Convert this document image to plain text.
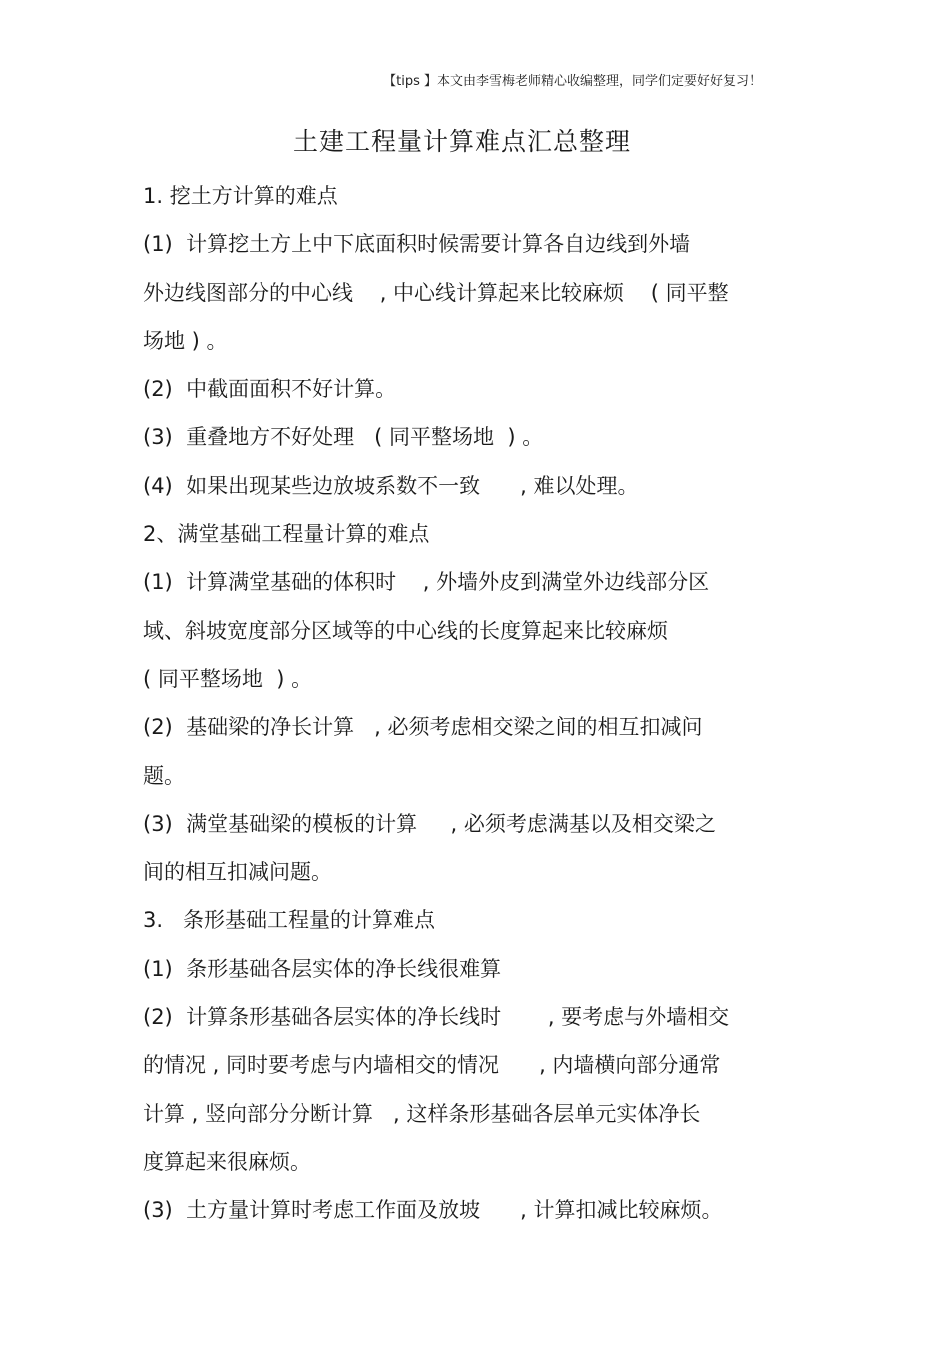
【tips 】本文由李雪梅老师精心收编整理，同学们定要好好复习！
土建工程量计算难点汇总整理
1. 挖土方计算的难点
(1)  计算挖土方上中下底面积时候需要计算各自边线到外墙
外边线图部分的中心线    , 中心线计算起来比较麻烦    ( 同平整
场地 ) 。
(2)  中截面面积不好计算。
(3)  重叠地方不好处理   ( 同平整场地  ) 。
(4)  如果出现某些边放坡系数不一致      , 难以处理。
2、满堂基础工程量计算的难点
(1)  计算满堂基础的体积时    , 外墙外皮到满堂外边线部分区
域、斜坡宽度部分区域等的中心线的长度算起来比较麻烦
( 同平整场地  ) 。
(2)  基础梁的净长计算   , 必须考虑相交梁之间的相互扣减问
题。
(3)  满堂基础梁的模板的计算     , 必须考虑满基以及相交梁之
间的相互扣减问题。
3.   条形基础工程量的计算难点
(1)  条形基础各层实体的净长线很难算
(2)  计算条形基础各层实体的净长线时       , 要考虑与外墙相交
的情况 , 同时要考虑与内墙相交的情况      , 内墙横向部分通常
计算 , 竖向部分分断计算   , 这样条形基础各层单元实体净长
度算起来很麻烦。
(3)  土方量计算时考虑工作面及放坡      , 计算扣减比较麻烦。
